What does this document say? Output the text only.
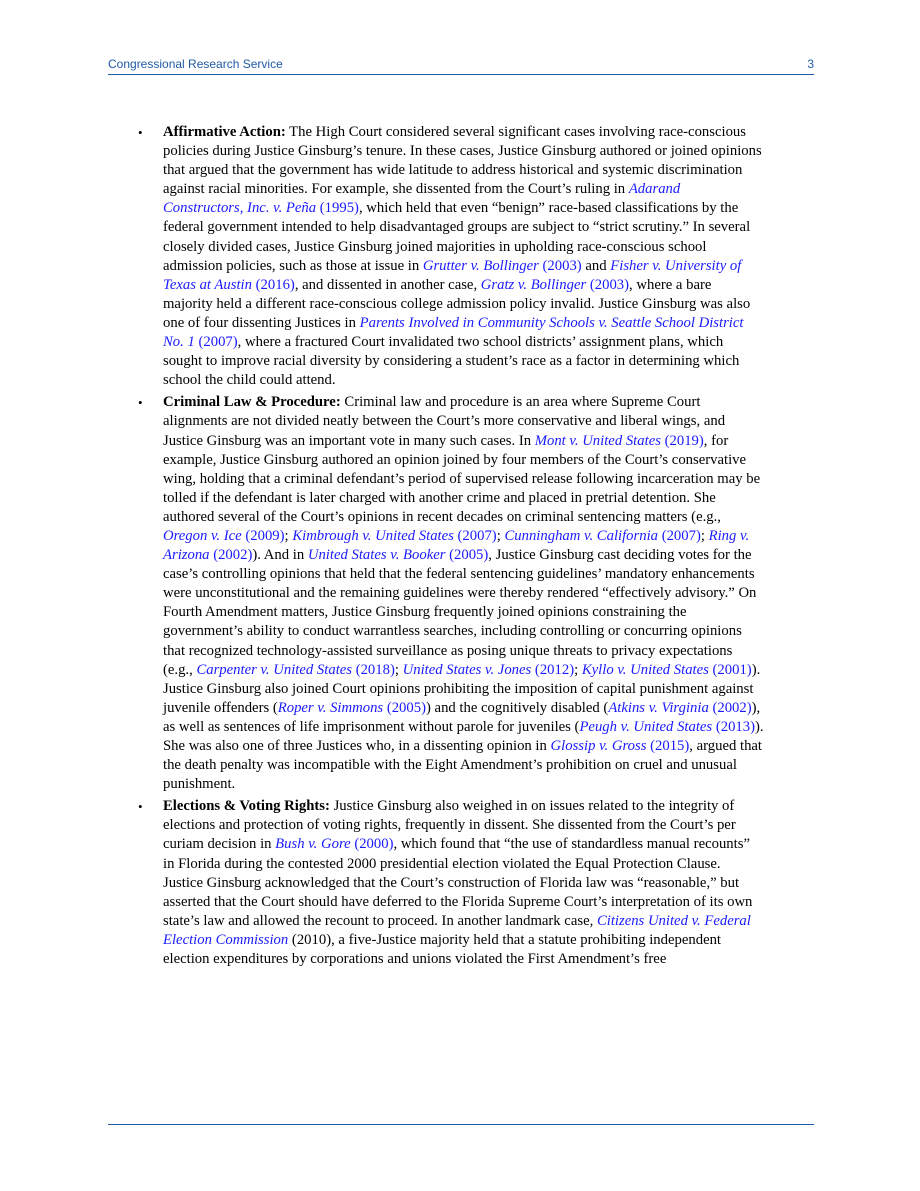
Congressional Research Service	3
• Affirmative Action: The High Court considered several significant cases involving race-conscious policies during Justice Ginsburg’s tenure. In these cases, Justice Ginsburg authored or joined opinions that argued that the government has wide latitude to address historical and systemic discrimination against racial minorities. For example, she dissented from the Court’s ruling in Adarand Constructors, Inc. v. Peña (1995), which held that even “benign” race-based classifications by the federal government intended to help disadvantaged groups are subject to “strict scrutiny.” In several closely divided cases, Justice Ginsburg joined majorities in upholding race-conscious school admission policies, such as those at issue in Grutter v. Bollinger (2003) and Fisher v. University of Texas at Austin (2016), and dissented in another case, Gratz v. Bollinger (2003), where a bare majority held a different race-conscious college admission policy invalid. Justice Ginsburg was also one of four dissenting Justices in Parents Involved in Community Schools v. Seattle School District No. 1 (2007), where a fractured Court invalidated two school districts’ assignment plans, which sought to improve racial diversity by considering a student’s race as a factor in determining which school the child could attend.
• Criminal Law & Procedure: Criminal law and procedure is an area where Supreme Court alignments are not divided neatly between the Court’s more conservative and liberal wings, and Justice Ginsburg was an important vote in many such cases. In Mont v. United States (2019), for example, Justice Ginsburg authored an opinion joined by four members of the Court’s conservative wing, holding that a criminal defendant’s period of supervised release following incarceration may be tolled if the defendant is later charged with another crime and placed in pretrial detention. She authored several of the Court’s opinions in recent decades on criminal sentencing matters (e.g., Oregon v. Ice (2009); Kimbrough v. United States (2007); Cunningham v. California (2007); Ring v. Arizona (2002)). And in United States v. Booker (2005), Justice Ginsburg cast deciding votes for the case’s controlling opinions that held that the federal sentencing guidelines’ mandatory enhancements were unconstitutional and the remaining guidelines were thereby rendered “effectively advisory.” On Fourth Amendment matters, Justice Ginsburg frequently joined opinions constraining the government’s ability to conduct warrantless searches, including controlling or concurring opinions that recognized technology-assisted surveillance as posing unique threats to privacy expectations (e.g., Carpenter v. United States (2018); United States v. Jones (2012); Kyllo v. United States (2001)). Justice Ginsburg also joined Court opinions prohibiting the imposition of capital punishment against juvenile offenders (Roper v. Simmons (2005)) and the cognitively disabled (Atkins v. Virginia (2002)), as well as sentences of life imprisonment without parole for juveniles (Peugh v. United States (2013)). She was also one of three Justices who, in a dissenting opinion in Glossip v. Gross (2015), argued that the death penalty was incompatible with the Eight Amendment’s prohibition on cruel and unusual punishment.
• Elections & Voting Rights: Justice Ginsburg also weighed in on issues related to the integrity of elections and protection of voting rights, frequently in dissent. She dissented from the Court’s per curiam decision in Bush v. Gore (2000), which found that “the use of standardless manual recounts” in Florida during the contested 2000 presidential election violated the Equal Protection Clause. Justice Ginsburg acknowledged that the Court’s construction of Florida law was “reasonable,” but asserted that the Court should have deferred to the Florida Supreme Court’s interpretation of its own state’s law and allowed the recount to proceed. In another landmark case, Citizens United v. Federal Election Commission (2010), a five-Justice majority held that a statute prohibiting independent election expenditures by corporations and unions violated the First Amendment’s free
